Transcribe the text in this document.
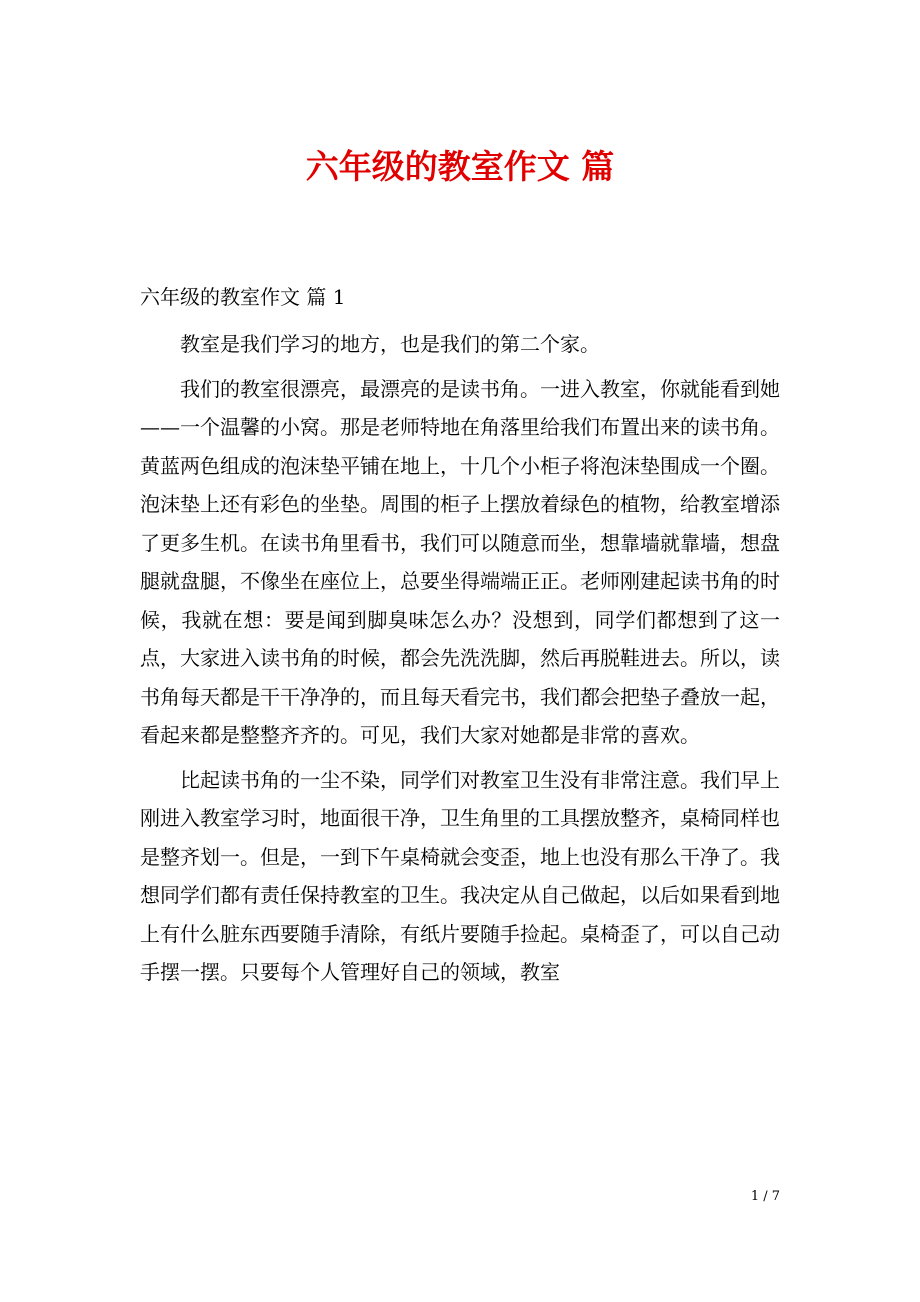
六年级的教室作文 篇

六年级的教室作文 篇 1

教室是我们学习的地方，也是我们的第二个家。

我们的教室很漂亮，最漂亮的是读书角。一进入教室，你就能看到她——一个温馨的小窝。那是老师特地在角落里给我们布置出来的读书角。黄蓝两色组成的泡沫垫平铺在地上，十几个小柜子将泡沫垫围成一个圈。泡沫垫上还有彩色的坐垫。周围的柜子上摆放着绿色的植物，给教室增添了更多生机。在读书角里看书，我们可以随意而坐，想靠墙就靠墙，想盘腿就盘腿，不像坐在座位上，总要坐得端端正正。老师刚建起读书角的时候，我就在想：要是闻到脚臭味怎么办？没想到，同学们都想到了这一点，大家进入读书角的时候，都会先洗洗脚，然后再脱鞋进去。所以，读书角每天都是干干净净的，而且每天看完书，我们都会把垫子叠放一起，看起来都是整整齐齐的。可见，我们大家对她都是非常的喜欢。

比起读书角的一尘不染，同学们对教室卫生没有非常注意。我们早上刚进入教室学习时，地面很干净，卫生角里的工具摆放整齐，桌椅同样也是整齐划一。但是，一到下午桌椅就会变歪，地上也没有那么干净了。我想同学们都有责任保持教室的卫生。我决定从自己做起，以后如果看到地上有什么脏东西要随手清除，有纸片要随手捡起。桌椅歪了，可以自己动手摆一摆。只要每个人管理好自己的领域，教室

1 / 7
